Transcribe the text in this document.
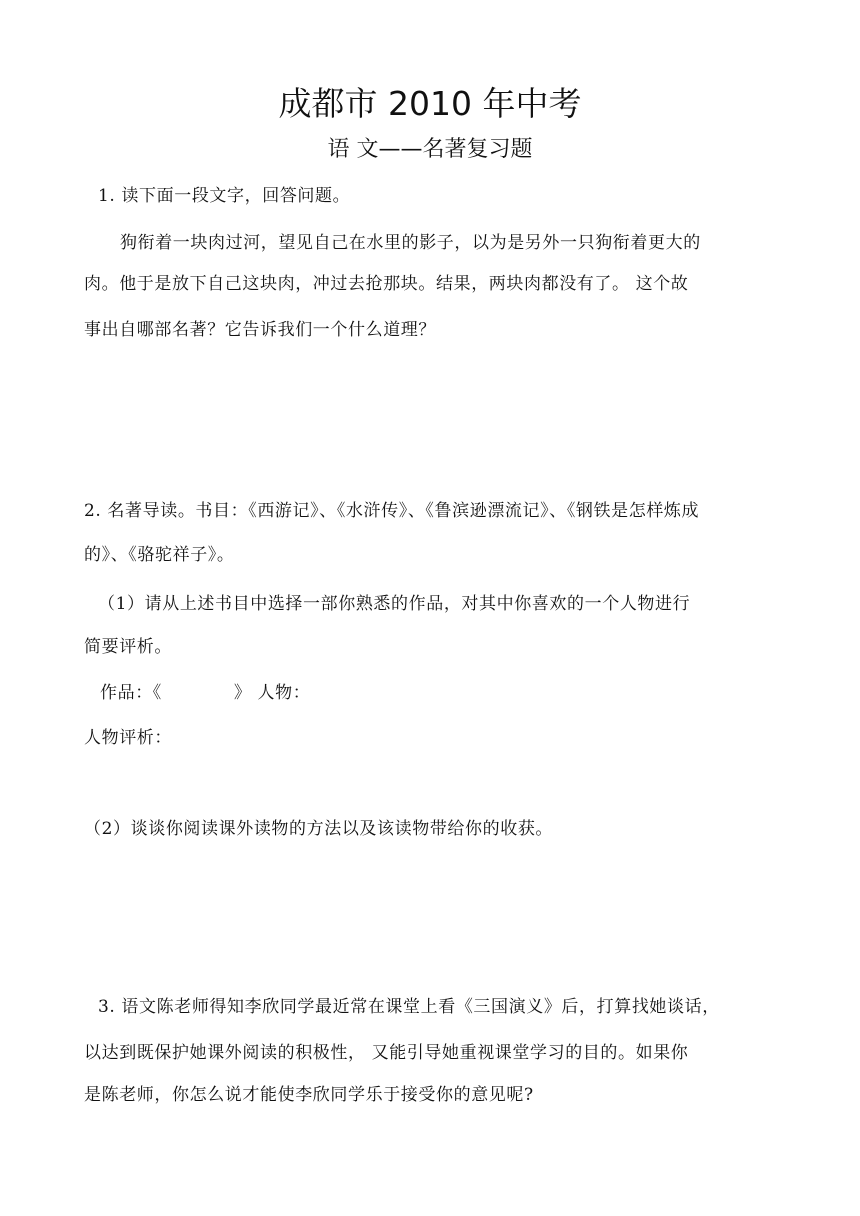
成都市 2010 年中考
语 文——名著复习题
1. 读下面一段文字，回答问题。
狗衔着一块肉过河，望见自己在水里的影子，以为是另外一只狗衔着更大的
肉。他于是放下自己这块肉，冲过去抢那块。结果，两块肉都没有了。 这个故
事出自哪部名著？它告诉我们一个什么道理？
2. 名著导读。书目：《西游记》、《水浒传》、《鲁滨逊漂流记》、《钢铁是怎样炼成
的》、《骆驼祥子》。
（1）请从上述书目中选择一部你熟悉的作品，对其中你喜欢的一个人物进行
简要评析。
作品：《	》 人物：
人物评析：
（2）谈谈你阅读课外读物的方法以及该读物带给你的收获。
3. 语文陈老师得知李欣同学最近常在课堂上看《三国演义》后，打算找她谈话，
以达到既保护她课外阅读的积极性， 又能引导她重视课堂学习的目的。如果你
是陈老师，你怎么说才能使李欣同学乐于接受你的意见呢?
